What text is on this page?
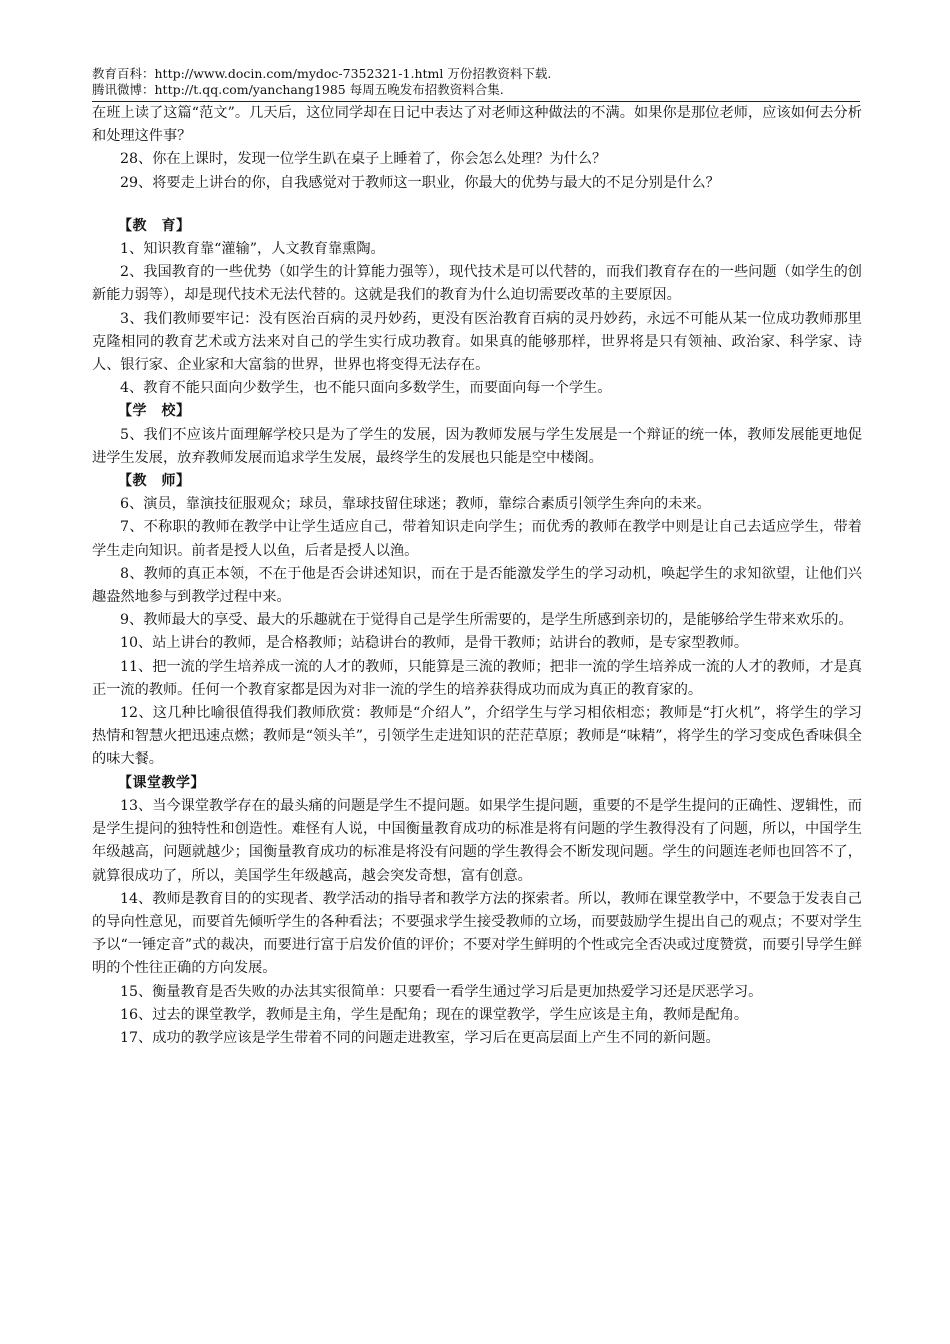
教育百科：http://www.docin.com/mydoc-7352321-1.html 万份招教资料下载.
腾讯微博：http://t.qq.com/yanchang1985 每周五晚发布招教资料合集.

在班上读了这篇“范文”。几天后，这位同学却在日记中表达了对老师这种做法的不满。如果你是那位老师，应该如何去分析和处理这件事？

28、你在上课时，发现一位学生趴在桌子上睡着了，你会怎么处理？为什么？

29、将要走上讲台的你，自我感觉对于教师这一职业，你最大的优势与最大的不足分别是什么？

【教　育】

1、知识教育靠“灌输”，人文教育靠熏陶。

2、我国教育的一些优势（如学生的计算能力强等），现代技术是可以代替的，而我们教育存在的一些问题（如学生的创新能力弱等），却是现代技术无法代替的。这就是我们的教育为什么迫切需要改革的主要原因。

3、我们教师要牢记：没有医治百病的灵丹妙药，更没有医治教育百病的灵丹妙药，永远不可能从某一位成功教师那里克隆相同的教育艺术或方法来对自己的学生实行成功教育。如果真的能够那样，世界将是只有领袖、政治家、科学家、诗人、银行家、企业家和大富翁的世界，世界也将变得无法存在。

4、教育不能只面向少数学生，也不能只面向多数学生，而要面向每一个学生。

【学　校】

5、我们不应该片面理解学校只是为了学生的发展，因为教师发展与学生发展是一个辩证的统一体，教师发展能更地促进学生发展，放弃教师发展而追求学生发展，最终学生的发展也只能是空中楼阁。

【教　师】

6、演员，靠演技征服观众；球员，靠球技留住球迷；教师，靠综合素质引领学生奔向的未来。

7、不称职的教师在教学中让学生适应自己，带着知识走向学生；而优秀的教师在教学中则是让自己去适应学生，带着学生走向知识。前者是授人以鱼，后者是授人以渔。

8、教师的真正本领，不在于他是否会讲述知识，而在于是否能激发学生的学习动机，唤起学生的求知欲望，让他们兴趣盎然地参与到教学过程中来。

9、教师最大的享受、最大的乐趣就在于觉得自己是学生所需要的，是学生所感到亲切的，是能够给学生带来欢乐的。

10、站上讲台的教师，是合格教师；站稳讲台的教师，是骨干教师；站讲台的教师，是专家型教师。

11、把一流的学生培养成一流的人才的教师，只能算是三流的教师；把非一流的学生培养成一流的人才的教师，才是真正一流的教师。任何一个教育家都是因为对非一流的学生的培养获得成功而成为真正的教育家的。

12、这几种比喻很值得我们教师欣赏：教师是“介绍人”，介绍学生与学习相依相恋；教师是“打火机”，将学生的学习热情和智慧火把迅速点燃；教师是“领头羊”，引领学生走进知识的茫茫草原；教师是“味精”，将学生的学习变成色香味俱全的味大餐。

【课堂教学】

13、当今课堂教学存在的最头痛的问题是学生不提问题。如果学生提问题，重要的不是学生提问的正确性、逻辑性，而是学生提问的独特性和创造性。难怪有人说，中国衡量教育成功的标准是将有问题的学生教得没有了问题，所以，中国学生年级越高，问题就越少；国衡量教育成功的标准是将没有问题的学生教得会不断发现问题。学生的问题连老师也回答不了，就算很成功了，所以，美国学生年级越高，越会突发奇想，富有创意。

14、教师是教育目的的实现者、教学活动的指导者和教学方法的探索者。所以，教师在课堂教学中，不要急于发表自己的导向性意见，而要首先倾听学生的各种看法；不要强求学生接受教师的立场，而要鼓励学生提出自己的观点；不要对学生予以“一锤定音”式的裁决，而要进行富于启发价值的评价；不要对学生鲜明的个性或完全否决或过度赞赏，而要引导学生鲜明的个性往正确的方向发展。

15、衡量教育是否失败的办法其实很简单：只要看一看学生通过学习后是更加热爱学习还是厌恶学习。

16、过去的课堂教学，教师是主角，学生是配角；现在的课堂教学，学生应该是主角，教师是配角。

17、成功的教学应该是学生带着不同的问题走进教室，学习后在更高层面上产生不同的新问题。
